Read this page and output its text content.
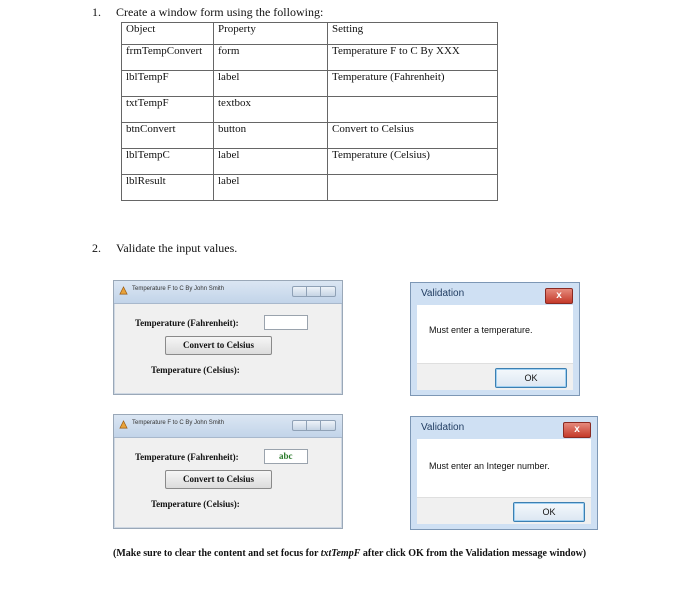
1. Create a window form using the following:
Object	Property	Setting
frmTempConvert	form	Temperature F to C By XXX
lblTempF	label	Temperature (Fahrenheit)
txtTempF	textbox	
btnConvert	button	Convert to Celsius
lblTempC	label	Temperature (Celsius)
lblResult	label	
2. Validate the input values.
Temperature F to C By John Smith
Temperature (Fahrenheit):
Convert to Celsius
Temperature (Celsius):
Temperature F to C By John Smith
Temperature (Fahrenheit):	abc
Convert to Celsius
Temperature (Celsius):
Validation	x
Must enter a temperature.
OK
Validation	x
Must enter an Integer number.
OK
(Make sure to clear the content and set focus for txtTempF after click OK from the Validation message window)
